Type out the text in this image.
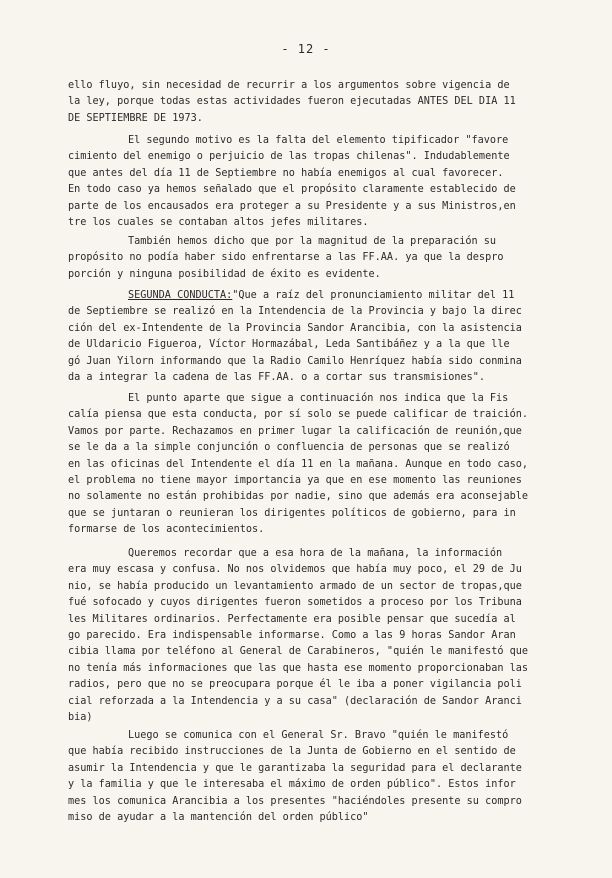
- 12 -
ello fluyo, sin necesidad de recurrir a los argumentos sobre vigencia de
la ley, porque todas estas actividades fueron ejecutadas ANTES DEL DIA 11
DE SEPTIEMBRE DE 1973.
El segundo motivo es la falta del elemento tipificador "favore
cimiento del enemigo o perjuicio de las tropas chilenas". Indudablemente
que antes del día 11 de Septiembre no había enemigos al cual favorecer.
En todo caso ya hemos señalado que el propósito claramente establecido de
parte de los encausados era proteger a su Presidente y a sus Ministros,en
tre los cuales se contaban altos jefes militares.
También hemos dicho que por la magnitud de la preparación su
propósito no podía haber sido enfrentarse a las FF.AA. ya que la despro
porción y ninguna posibilidad de éxito es evidente.
SEGUNDA CONDUCTA:"Que a raíz del pronunciamiento militar del 11
de Septiembre se realizó en la Intendencia de la Provincia y bajo la direc
ción del ex-Intendente de la Provincia Sandor Arancibia, con la asistencia
de Uldaricio Figueroa, Víctor Hormazábal, Leda Santibáñez y a la que lle
gó Juan Yilorn informando que la Radio Camilo Henríquez había sido conmina
da a integrar la cadena de las FF.AA. o a cortar sus transmisiones".
El punto aparte que sigue a continuación nos indica que la Fis
calía piensa que esta conducta, por sí solo se puede calificar de traición.
Vamos por parte. Rechazamos en primer lugar la calificación de reunión,que
se le da a la simple conjunción o confluencia de personas que se realizó
en las oficinas del Intendente el día 11 en la mañana. Aunque en todo caso,
el problema no tiene mayor importancia ya que en ese momento las reuniones
no solamente no están prohibidas por nadie, sino que además era aconsejable
que se juntaran o reunieran los dirigentes políticos de gobierno, para in
formarse de los acontecimientos.
Queremos recordar que a esa hora de la mañana, la información
era muy escasa y confusa. No nos olvidemos que había muy poco, el 29 de Ju
nio, se había producido un levantamiento armado de un sector de tropas,que
fué sofocado y cuyos dirigentes fueron sometidos a proceso por los Tribuna
les Militares ordinarios. Perfectamente era posible pensar que sucedía al
go parecido. Era indispensable informarse. Como a las 9 horas Sandor Aran
cibia llama por teléfono al General de Carabineros, "quién le manifestó que
no tenía más informaciones que las que hasta ese momento proporcionaban las
radios, pero que no se preocupara porque él le iba a poner vigilancia poli
cial reforzada a la Intendencia y a su casa" (declaración de Sandor Aranci
bia)
Luego se comunica con el General Sr. Bravo "quién le manifestó
que había recibido instrucciones de la Junta de Gobierno en el sentido de
asumir la Intendencia y que le garantizaba la seguridad para el declarante
y la familia y que le interesaba el máximo de orden público". Estos infor
mes los comunica Arancibia a los presentes "haciéndoles presente su compro
miso de ayudar a la mantención del orden público"
